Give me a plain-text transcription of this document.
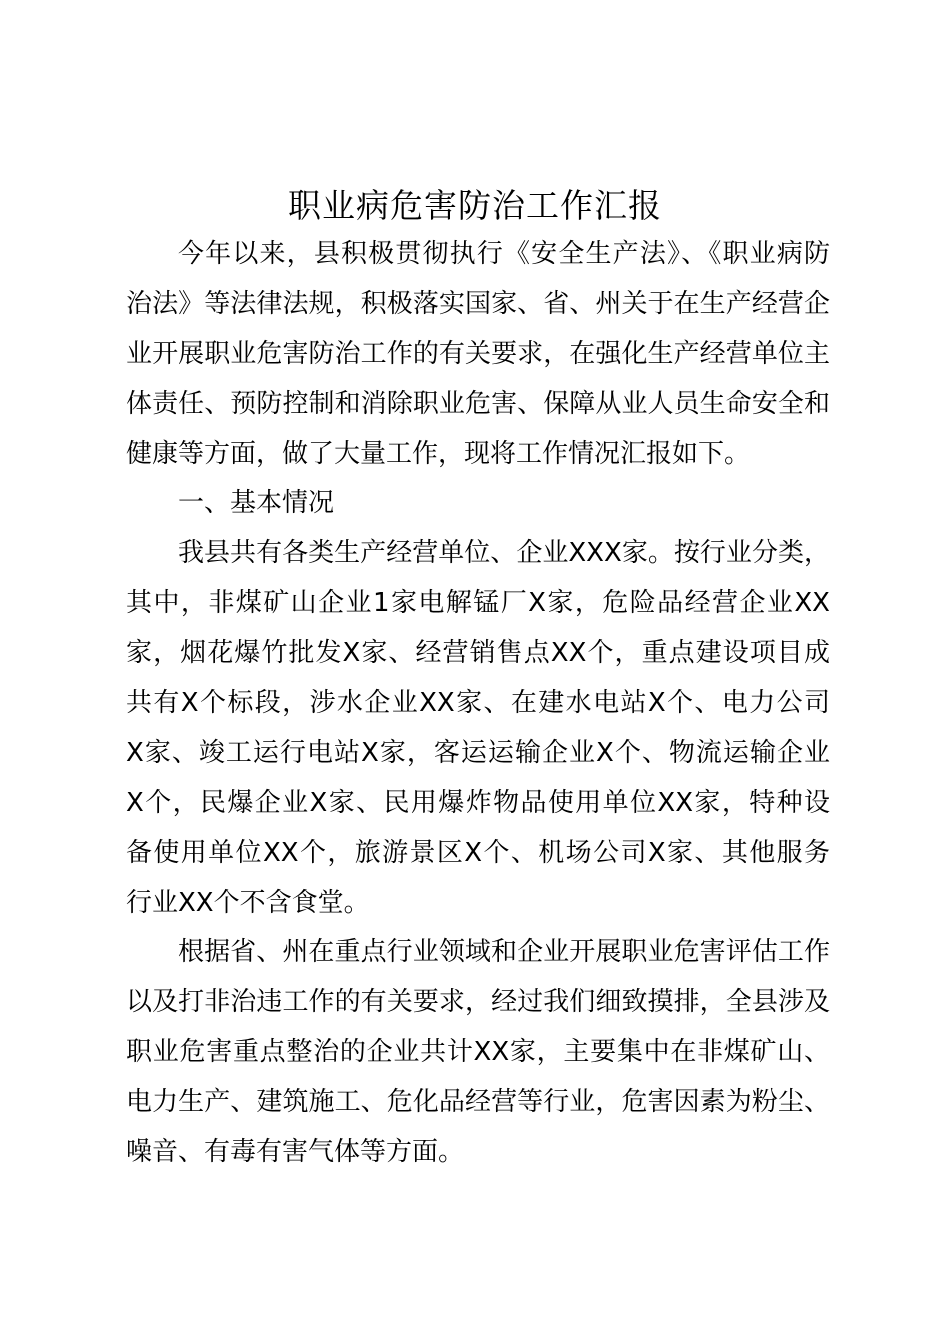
职业病危害防治工作汇报
今年以来，县积极贯彻执行《安全生产法》、《职业病防
治法》等法律法规，积极落实国家、省、州关于在生产经营企
业开展职业危害防治工作的有关要求，在强化生产经营单位主
体责任、预防控制和消除职业危害、保障从业人员生命安全和
健康等方面，做了大量工作，现将工作情况汇报如下。
一、基本情况
我县共有各类生产经营单位、企业XXX家。按行业分类，
其中，非煤矿山企业1家电解锰厂X家，危险品经营企业XX
家，烟花爆竹批发X家、经营销售点XX个，重点建设项目成
共有X个标段，涉水企业XX家、在建水电站X个、电力公司
X家、竣工运行电站X家，客运运输企业X个、物流运输企业
X个，民爆企业X家、民用爆炸物品使用单位XX家，特种设
备使用单位XX个，旅游景区X个、机场公司X家、其他服务
行业XX个不含食堂。
根据省、州在重点行业领域和企业开展职业危害评估工作
以及打非治违工作的有关要求，经过我们细致摸排，全县涉及
职业危害重点整治的企业共计XX家，主要集中在非煤矿山、
电力生产、建筑施工、危化品经营等行业，危害因素为粉尘、
噪音、有毒有害气体等方面。
